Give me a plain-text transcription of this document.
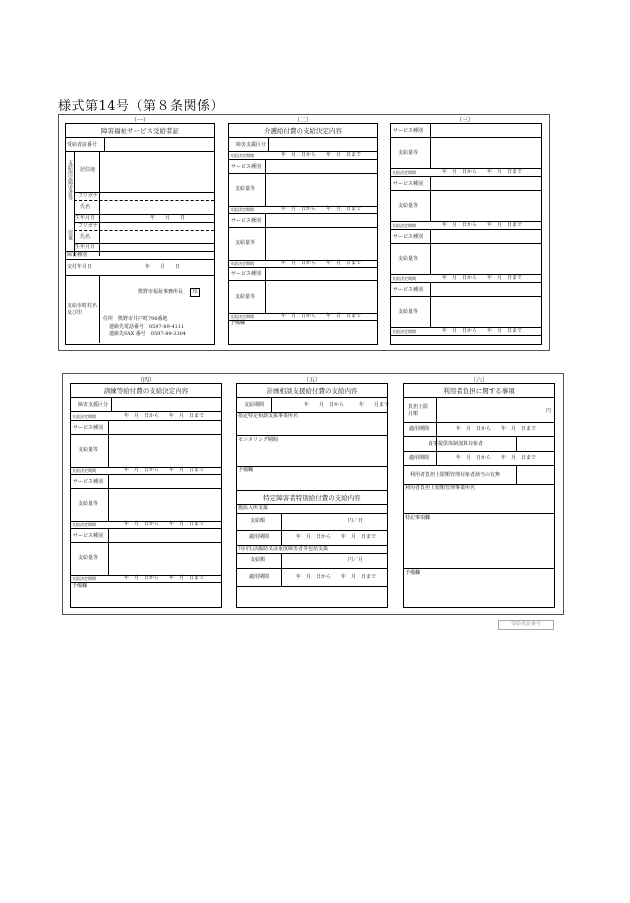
様式第14号（第８条関係）
（一）	（二）	（三）
障害福祉サービス受給者証
受給者証番号
支給決定障害者等 居住地
フリガナ
氏名
生年月日	年　　月　　日
児童
フリガナ
氏名
生年月日
障害種別
交付年月日	年　　月　　日
支給市町村名及び印
熊野市福祉事務所長	印
住所　熊野市井戸町796番地
連絡先電話番号　0597-89-4111
連絡先FAX 番号　0597-89-3304
介護給付費の支給決定内容
障害支援区分
支給決定期間	年　月　日から　　年　月　日まで
サービス種別
支給量等
支給決定期間	年　月　日から　　年　月　日まで
サービス種別
支給量等
支給決定期間	年　月　日から　　年　月　日まで
サービス種別
支給量等
支給決定期間	年　月　日から　　年　月　日まで
予備欄
サービス種別
支給量等
支給決定期間	年　月　日から　　年　月　日まで
サービス種別
支給量等
支給決定期間	年　月　日から　　年　月　日まで
サービス種別
支給量等
支給決定期間	年　月　日から　　年　月　日まで
サービス種別
支給量等
支給決定期間	年　月　日から　　年　月　日まで
（四）	（五）	（六）
訓練等給付費の支給決定内容
障害支援区分
支給決定期間	年　月　日から　　年　月　日まで
サービス種別
支給量等
支給決定期間	年　月　日から　　年　月　日まで
サービス種別
支給量等
支給決定期間	年　月　日から　　年　月　日まで
サービス種別
支給量等
支給決定期間	年　月　日から　　年　月　日まで
予備欄
計画相談支援給付費の支給内容
支給期間	年　　月　日から　　　年　　月まで
指定特定相談支援事業所名
モニタリング期間
予備欄
特定障害者特別給付費の支給内容
施設入所支援
支給額	円／日
適用期間	年　月　日から　　年　月　日まで
共同生活援助又は重度障害者等包括支援
支給額	円／月
適用期間	年　月　日から　　年　月　日まで
利用者負担に関する事項
負担上限月額	円
適用期間	年　月　日から　　年　月　日まで
食事提供体制加算対象者
適用期間	年　月　日から　　年　月　日まで
利用者負担上限額管理対象者該当の有無
利用者負担上限額管理事業所名
特記事項欄
予備欄
受給者証番号
